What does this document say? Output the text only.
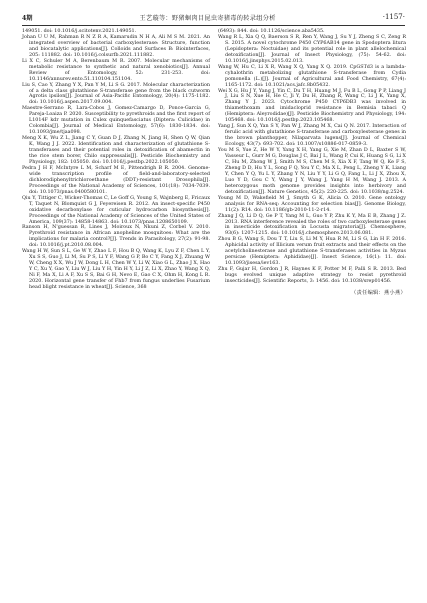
4期	王艺璇等：野猪蛔肉目昆虫寄猪毒的转录组分析	·1157·

149051. doi: 10.1016/j.scitotenv.2021.149051.

Johan U U M, Rahman R N Z R A, Kamarudin N H A, Ali M S M. 2021. An integrated overview of bacterial carboxylesterase: Structure, function and biocatalytic applications[J]. Colloids and Surfaces B: Biointerfaces, 205: 111882. doi: 10.1016/j.colsurfb.2021.111882.

Li X C, Schuler M A, Berenbaum M R. 2007. Molecular mechanisms of metabolic resistance to synthetic and natural xenobiotics[J]. Annual Review of Entomology, 52: 231-253. doi: 10.1146/annurev.ento.51.110104.151104.

Liu S, Cao Y, Zhang Y X, Pan Y M, Li S G. 2017. Molecular characterization of a delta class glutathione S-transferase gene from the black cutworm Agrotis ipsilon[J]. Journal of Asia-Pacific Entomology, 20(4): 1175-1182. doi: 10.1016/j.aspen.2017.09.004.

Maestre-Serrano R, Lara-Cobos J, Gomez-Camargo D, Ponce-Garcia G, Pareja-Loaiza P. 2020. Susceptibility to pyrethroids and the first report of L1014F kdr mutation in Culex quinquefasciatus (Diptera: Culicidae) in Colombia[J]. Journal of Medical Entomology, 57(6): 1830-1834. doi: 10.1093/jme/tjaa098.

Meng X K, Wu Z L, Jiang C Y, Guan D J, Zhang N, Jiang H, Shen Q W, Qian K, Wang J J. 2022. Identification and characterization of glutathione S-transferases and their potential roles in detoxification of abamectin in the rice stem borer, Chilo suppressalis[J]. Pesticide Biochemistry and Physiology, 182: 105050. doi: 10.1016/j.pestbp.2022.105050.

Pedra J H F, McIntyre L M, Scharf M E, Pittendrigh B R. 2004. Genome-wide transcription profile of field-and-laboratory-selected dichlorodiphenyltrichloroethane (DDT)-resistant Drosophila[J]. Proceedings of the National Academy of Sciences, 101(18): 7034-7039. doi: 10.1073/pnas.0400580101.

Qiu Y, Tittiger C, Wicker-Thomas C, Le Goff G, Young S, Wajnberg E, Fricaux T, Taquet N, Blomquist G J, Feyereisen R. 2012. An insect-specific P450 oxidative decarbonylase for cuticular hydrocarbon biosynthesis[J]. Proceedings of the National Academy of Sciences of the United States of America, 109(37): 14858-14863. doi: 10.1073/pnas.1208650109.

Ranson H, N'guessan R, Lines J, Moiroux N, Nkuni Z, Corbel V. 2010. Pyrethroid resistance in African anopheline mosquitoes: What are the implications for malaria control?[J]. Trends in Parasitology, 27(2): 91-98. doi: 10.1016/j.pt.2010.08.004.

Wang H W, Sun S L, Ge W Y, Zhao L F, Hou B Q, Wang K, Lyu Z F, Chen L Y, Xu S S, Guo J, Li M, Su P S, Li Y F, Wang G P, Bo C Y, Fang X J, Zhuang W W, Cheng X X, Wu J W, Dong L H, Chen W Y, Li W, Xiao G L, Zhao J X, Hao Y C, Xu Y, Gao Y, Liu W J, Liu Y H, Yin H Y, Li J Z, Li X, Zhao Y, Wang X Q, Ni F, Ma X, Li A F, Xu S S, Bai G H, Nevo E, Gao C X, Ohm H, Kong L R. 2020. Horizontal gene transfer of Fhb7 from fungus underlies Fusarium head blight resistance in wheat[J]. Science, 368

(6493): 844. doi: 10.1126/science.aba5435.

Wang R L, Xia Q Q, Baerson S R, Ren Y, Wang J, Su Y J, Zheng S C, Zeng R S. 2015. A novel cytochrome P450 CYP6AB14 gene in Spodoptera litura (Lepidoptera: Noctuidae) and its potential role in plant allelochemical detoxification[J]. Journal of Insect Physiology, (75): 54-62. doi: 10.1016/j.jinsphys.2015.02.013.

Wang W, Hu C, Li X R, Wang X Q, Yang X Q. 2019. CpGSTd3 is a lambda-cyhalothrin metabolizing glutathione S-transferase from Cydia pomonella (L.)[J]. Journal of Agricultural and Food Chemistry, 67(4): 1165-1172. doi: 10.1021/acs.jafc.8b05432.

Wei X G, Hu J Y, Yang J, Yin C, Du T H, Huang M J, Fu B L, Gong P P, Liang J J, Liu S N, Xue H, He C, Ji Y, Du H, Zhang R, Wang C, Li J K, Yang X, Zhang Y J. 2023. Cytochrome P450 CYP6DB3 was involved in thiamethoxam and imidacloprid resistance in Bemisia tabaci Q (Hemiptera: Aleyrodidae)[J]. Pesticide Biochemistry and Physiology, 194: 105468. doi: 10.1016/j.pestbp.2023.105468.

Yang J, Sun X Q, Yan S Y, Pan W J, Zhang M X, Cai Q N. 2017. Interaction of ferulic acid with glutathione S-transferase and carboxylesterase genes in the brown planthopper, Nilaparvata lugens[J]. Journal of Chemical Ecology, 43(7): 693-702. doi: 10.1007/s10886-017-0859-3.

You M S, Yue Z, He W Y, Yang X H, Yang G, Xie M, Zhan D L, Baxter S W, Vasseur L, Gurr M G, Douglas J C, Bai J L, Wang P, Cui K, Huang S G, Li X C, Hu M, Zhong W J, Smith M S, Chen M S, Xia X F, Tang W Q, Ke F S, Zheng D D, Hu Y L, Song F Q, You Y C, Ma X L, Peng L, Zheng Y K, Liang Y, Chen Y Q, Yu L Y, Zhang Y N, Liu Y Y, Li G Q, Fang L, Li J X, Zhou X, Luo Y D, Gou C Y, Wang J Y, Wang J, Yang H M, Wang J. 2013. A heterozygous moth genome provides insights into herbivory and detoxification[J]. Nature Genetics, 45(2): 220-225. doi: 10.1038/ng.2524.

Young M D, Wakefield M J, Smyth G K, Alicia O. 2010. Gene ontology analysis for RNA-seq: Accounting for selection bias[J]. Genome Biology, 11(2): R14. doi: 10.1186/gb-2010-11-2-r14.

Zhang J Q, Li D Q, Ge P T, Yang M L, Guo Y P, Zhu K Y, Ma E B, Zhang J Z. 2013. RNA interference revealed the roles of two carboxylesterase genes in insecticide detoxification in Locusta migratoria[J]. Chemosphere, 93(6): 1207-1215. doi: 10.1016/j.chemosphere.2013.06.081.

Zhou B G, Wang S, Dou T T, Liu S, Li M Y, Hua R M, Li S G, Lin H F. 2016. Aphicidal activity of Illicium verum fruit extracts and their effects on the acetylcholinesterase and glutathione S-transferases activities in Myzus persicae (Hemiptera: Aphididae)[J]. Insect Science, 16(1): 11. doi: 10.1093/jisesa/iev163.

Zhu F, Gujar H, Gordon J R, Haynes K F, Potter M F, Palli S R. 2013. Bed bugs evolved unique adaptive strategy to resist pyrethroid insecticides[J]. Scientific Reports, 3: 1456. doi: 10.1038/srep01456.

（责任编辑：燕小燕）
